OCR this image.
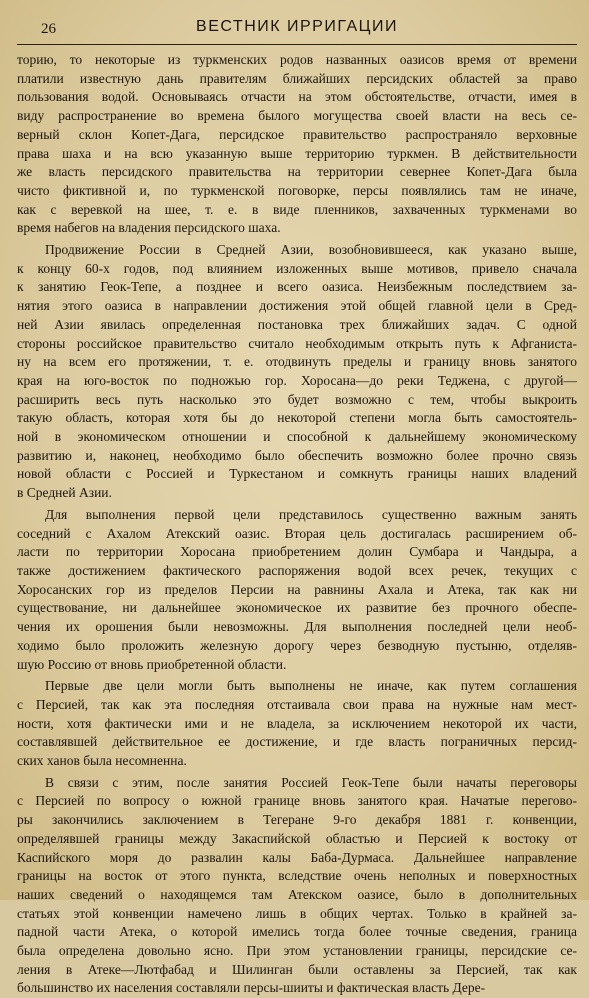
26	ВЕСТНИК ИРРИГАЦИИ

торию, то некоторые из туркменских родов названных оазисов время от времени
платили известную дань правителям ближайших персидских областей за право
пользования водой. Основываясь отчасти на этом обстоятельстве, отчасти, имея в
виду распространение во времена былого могущества своей власти на весь се-
верный склон Копет-Дага, персидское правительство распространяло верховные
права шаха и на всю указанную выше территорию туркмен. В действительности
же власть персидского правительства на территории севернее Копет-Дага была
чисто фиктивной и, по туркменской поговорке, персы появлялись там не иначе,
как с веревкой на шее, т. е. в виде пленников, захваченных туркменами во
время набегов на владения персидского шаха.

Продвижение России в Средней Азии, возобновившееся, как указано выше,
к концу 60-х годов, под влиянием изложенных выше мотивов, привело сначала
к занятию Геок-Тепе, а позднее и всего оазиса. Неизбежным последствием за-
нятия этого оазиса в направлении достижения этой общей главной цели в Сред-
ней Азии явилась определенная постановка трех ближайших задач. С одной
стороны российское правительство считало необходимым открыть путь к Афганиста-
ну на всем его протяжении, т. е. отодвинуть пределы и границу вновь занятого
края на юго-восток по подножью гор. Хоросана—до реки Теджена, с другой—
расширить весь путь насколько это будет возможно с тем, чтобы выкроить
такую область, которая хотя бы до некоторой степени могла быть самостоятель-
ной в экономическом отношении и способной к дальнейшему экономическому
развитию и, наконец, необходимо было обеспечить возможно более прочно связь
новой области с Россией и Туркестаном и сомкнуть границы наших владений
в Средней Азии.

Для выполнения первой цели представилось существенно важным занять
соседний с Ахалом Атекский оазис. Вторая цель достигалась расширением об-
ласти по территории Хоросана приобретением долин Сумбара и Чандыра, а
также достижением фактического распоряжения водой всех речек, текущих с
Хоросанских гор из пределов Персии на равнины Ахала и Атека, так как ни
существование, ни дальнейшее экономическое их развитие без прочного обеспе-
чения их орошения были невозможны. Для выполнения последней цели необ-
ходимо было проложить железную дорогу через безводную пустыню, отделяв-
шую Россию от вновь приобретенной области.

Первые две цели могли быть выполнены не иначе, как путем соглашения
с Персией, так как эта последняя отстаивала свои права на нужные нам мест-
ности, хотя фактически ими и не владела, за исключением некоторой их части,
составлявшей действительное ее достижение, и где власть пограничных персид-
ских ханов была несомненна.

В связи с этим, после занятия Россией Геок-Тепе были начаты переговоры
с Персией по вопросу о южной границе вновь занятого края. Начатые перегово-
ры закончились заключением в Тегеране 9-го декабря 1881 г. конвенции,
определявшей границы между Закаспийской областью и Персией к востоку от
Каспийского моря до развалин калы Баба-Дурмаса. Дальнейшее направление
границы на восток от этого пункта, вследствие очень неполных и поверхностных
наших сведений о находящемся там Атекском оазисе, было в дополнительных
статьях этой конвенции намечено лишь в общих чертах. Только в крайней за-
падной части Атека, о которой имелись тогда более точные сведения, граница
была определена довольно ясно. При этом установлении границы, персидские се-
ления в Атеке—Лютфабад и Шилинган были оставлены за Персией, так как
большинство их населения составляли персы-шииты и фактическая власть Дере-
